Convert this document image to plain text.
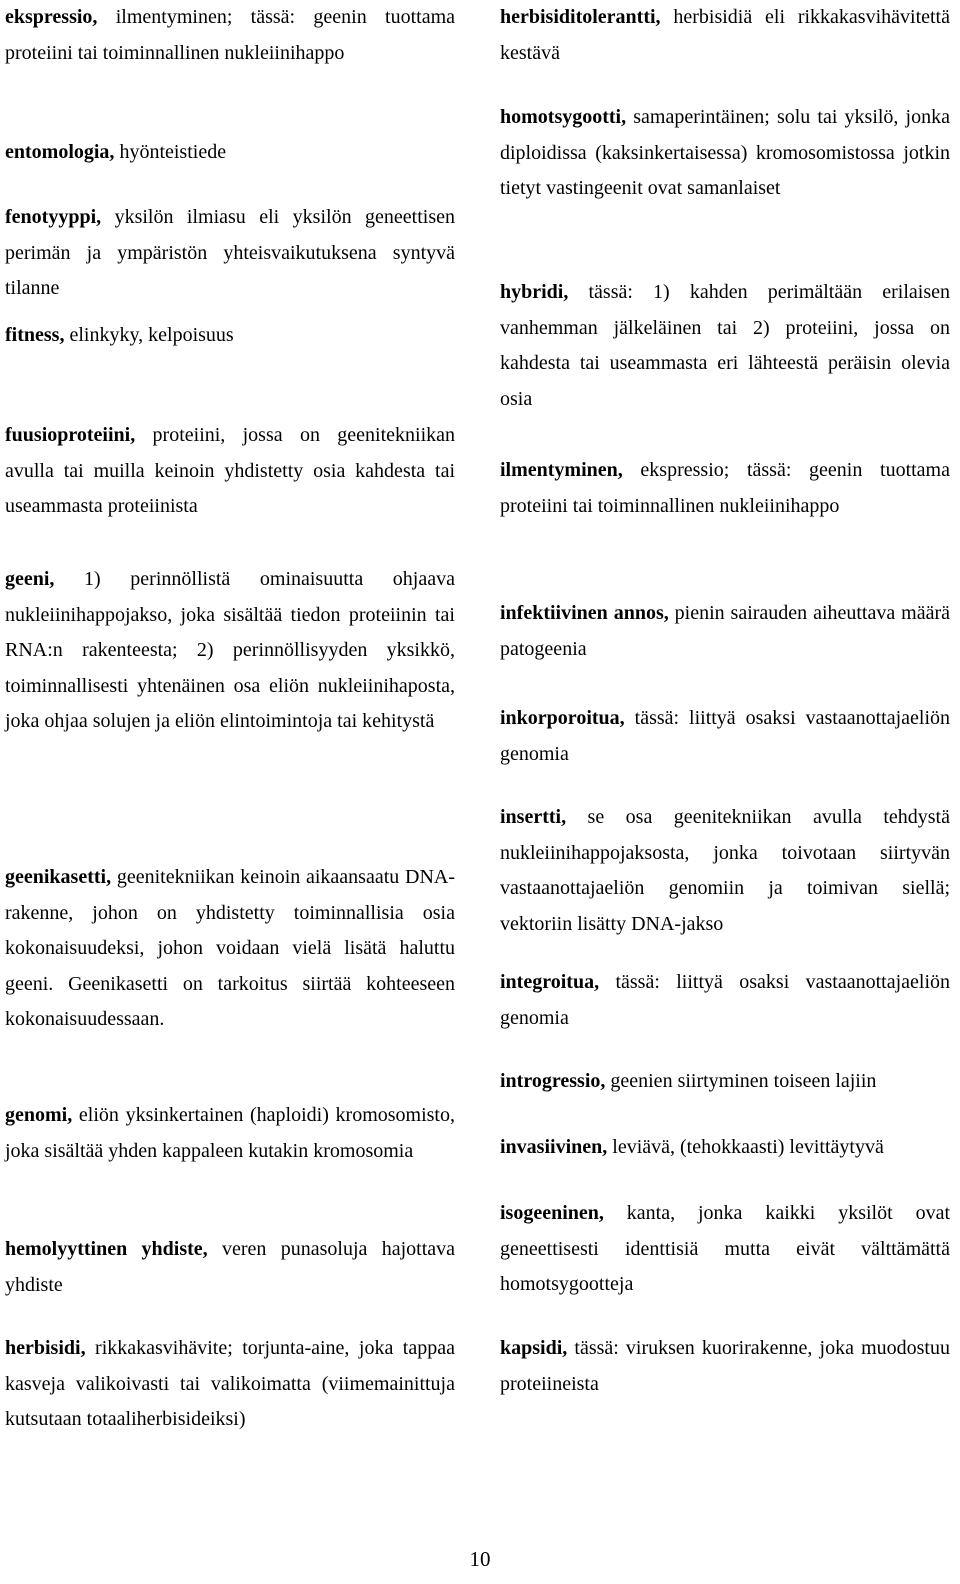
ekspressio, ilmentyminen; tässä: geenin tuottama proteiini tai toiminnallinen nukleiinihappo

entomologia, hyönteistiede

fenotyyppi, yksilön ilmiasu eli yksilön geneettisen perimän ja ympäristön yhteisvaikutuksena syntyvä tilanne

fitness, elinkyky, kelpoisuus

fuusioproteiini, proteiini, jossa on geenitekniikan avulla tai muilla keinoin yhdistetty osia kahdesta tai useammasta proteiinista

geeni, 1) perinnöllistä ominaisuutta ohjaava nukleiinihappojakso, joka sisältää tiedon proteiinin tai RNA:n rakenteesta; 2) perinnöllisyyden yksikkö, toiminnallisesti yhtenäinen osa eliön nukleiinihaposta, joka ohjaa solujen ja eliön elintoimintoja tai kehitystä

geenikasetti, geenitekniikan keinoin aikaansaatu DNA-rakenne, johon on yhdistetty toiminnallisia osia kokonaisuudeksi, johon voidaan vielä lisätä haluttu geeni. Geenikasetti on tarkoitus siirtää kohteeseen kokonaisuudessaan.

genomi, eliön yksinkertainen (haploidi) kromosomisto, joka sisältää yhden kappaleen kutakin kromosomia

hemolyyttinen yhdiste, veren punasoluja hajottava yhdiste

herbisidi, rikkakasvihävite; torjunta-aine, joka tappaa kasveja valikoivasti tai valikoimatta (viimemainittuja kutsutaan totaaliherbisideiksi)

herbisiditolerantti, herbisidiä eli rikkakasvihävitettä kestävä

homotsygootti, samaperintäinen; solu tai yksilö, jonka diploidissa (kaksinkertaisessa) kromosomistossa jotkin tietyt vastingeenit ovat samanlaiset

hybridi, tässä: 1) kahden perimältään erilaisen vanhemman jälkeläinen tai 2) proteiini, jossa on kahdesta tai useammasta eri lähteestä peräisin olevia osia

ilmentyminen, ekspressio; tässä: geenin tuottama proteiini tai toiminnallinen nukleiinihappo

infektiivinen annos, pienin sairauden aiheuttava määrä patogeenia

inkorporoitua, tässä: liittyä osaksi vastaanottajaeliön genomia

insertti, se osa geenitekniikan avulla tehdystä nukleiinihappojaksosta, jonka toivotaan siirtyvän vastaanottajaeliön genomiin ja toimivan siellä; vektoriin lisätty DNA-jakso

integroitua, tässä: liittyä osaksi vastaanottajaeliön genomia

introgressio, geenien siirtyminen toiseen lajiin

invasiivinen, leviävä, (tehokkaasti) levittäytyvä

isogeeninen, kanta, jonka kaikki yksilöt ovat geneettisesti identtisiä mutta eivät välttämättä homotsygootteja

kapsidi, tässä: viruksen kuorirakenne, joka muodostuu proteiineista

10
